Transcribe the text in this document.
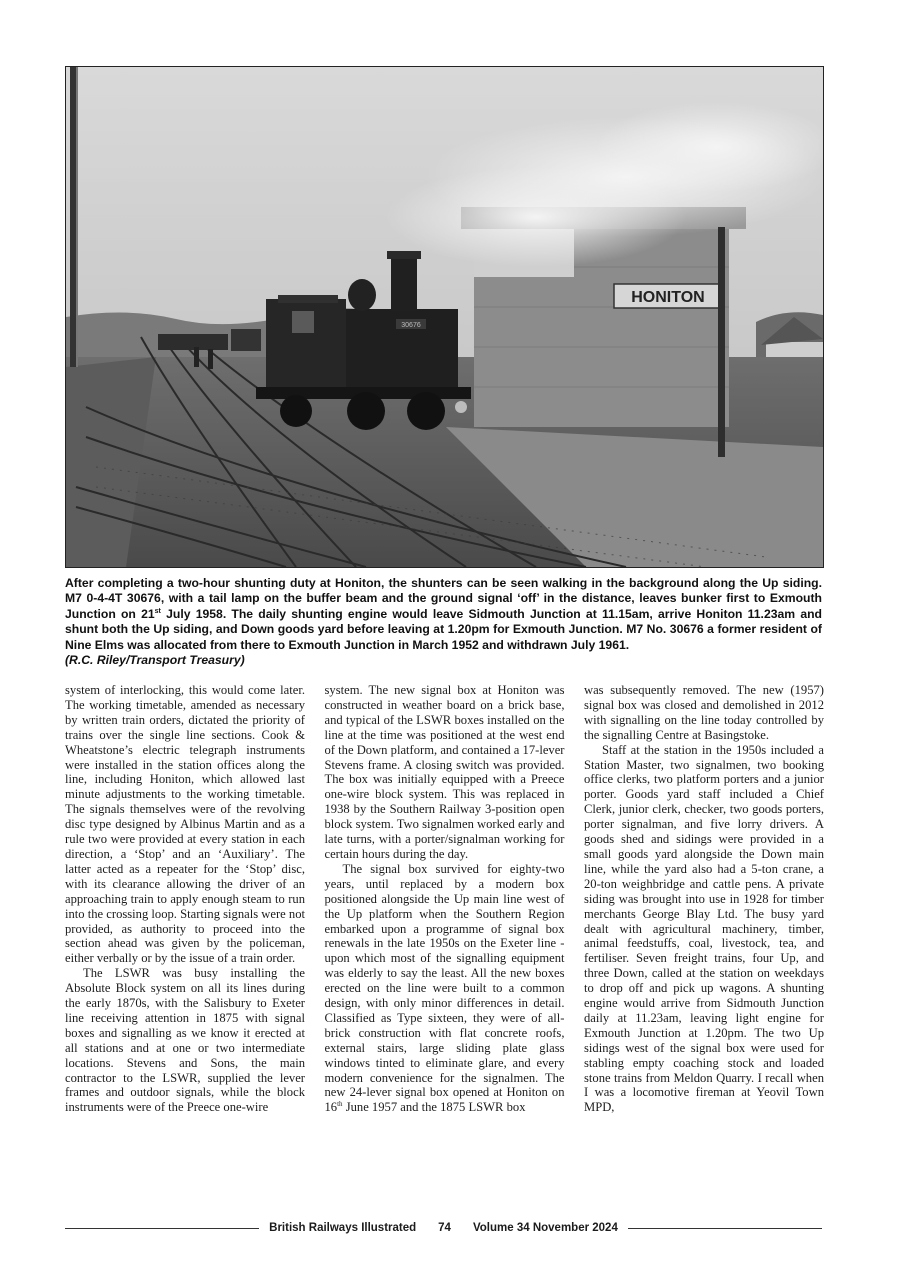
HONITON
30676
After completing a two-hour shunting duty at Honiton, the shunters can be seen walking in the background along the Up siding. M7 0-4-4T 30676, with a tail lamp on the buffer beam and the ground signal ‘off’ in the distance, leaves bunker first to Exmouth Junction on 21st July 1958. The daily shunting engine would leave Sidmouth Junction at 11.15am, arrive Honiton 11.23am and shunt both the Up siding, and Down goods yard before leaving at 1.20pm for Exmouth Junction. M7 No. 30676 a former resident of Nine Elms was allocated from there to Exmouth Junction in March 1952 and withdrawn July 1961.
(R.C. Riley/Transport Treasury)

system of interlocking, this would come later. The working timetable, amended as necessary by written train orders, dictated the priority of trains over the single line sections. Cook & Wheatstone’s electric telegraph instruments were installed in the station offices along the line, including Honiton, which allowed last minute adjustments to the working timetable. The signals themselves were of the revolving disc type designed by Albinus Martin and as a rule two were provided at every station in each direction, a ‘Stop’ and an ‘Auxiliary’. The latter acted as a repeater for the ‘Stop’ disc, with its clearance allowing the driver of an approaching train to apply enough steam to run into the crossing loop. Starting signals were not provided, as authority to proceed into the section ahead was given by the policeman, either verbally or by the issue of a train order.

The LSWR was busy installing the Absolute Block system on all its lines during the early 1870s, with the Salisbury to Exeter line receiving attention in 1875 with signal boxes and signalling as we know it erected at all stations and at one or two intermediate locations. Stevens and Sons, the main contractor to the LSWR, supplied the lever frames and outdoor signals, while the block instruments were of the Preece one-wire

system. The new signal box at Honiton was constructed in weather board on a brick base, and typical of the LSWR boxes installed on the line at the time was positioned at the west end of the Down platform, and contained a 17-lever Stevens frame. A closing switch was provided. The box was initially equipped with a Preece one-wire block system. This was replaced in 1938 by the Southern Railway 3-position open block system. Two signalmen worked early and late turns, with a porter/signalman working for certain hours during the day.

The signal box survived for eighty-two years, until replaced by a modern box positioned alongside the Up main line west of the Up platform when the Southern Region embarked upon a programme of signal box renewals in the late 1950s on the Exeter line - upon which most of the signalling equipment was elderly to say the least. All the new boxes erected on the line were built to a common design, with only minor differences in detail. Classified as Type sixteen, they were of all-brick construction with flat concrete roofs, external stairs, large sliding plate glass windows tinted to eliminate glare, and every modern convenience for the signalmen. The new 24-lever signal box opened at Honiton on 16th June 1957 and the 1875 LSWR box

was subsequently removed. The new (1957) signal box was closed and demolished in 2012 with signalling on the line today controlled by the signalling Centre at Basingstoke.

Staff at the station in the 1950s included a Station Master, two signalmen, two booking office clerks, two platform porters and a junior porter. Goods yard staff included a Chief Clerk, junior clerk, checker, two goods porters, porter signalman, and five lorry drivers. A goods shed and sidings were provided in a small goods yard alongside the Down main line, while the yard also had a 5-ton crane, a 20-ton weighbridge and cattle pens. A private siding was brought into use in 1928 for timber merchants George Blay Ltd. The busy yard dealt with agricultural machinery, timber, animal feedstuffs, coal, livestock, tea, and fertiliser. Seven freight trains, four Up, and three Down, called at the station on weekdays to drop off and pick up wagons. A shunting engine would arrive from Sidmouth Junction daily at 11.23am, leaving light engine for Exmouth Junction at 1.20pm. The two Up sidings west of the signal box were used for stabling empty coaching stock and loaded stone trains from Meldon Quarry. I recall when I was a locomotive fireman at Yeovil Town MPD,

British Railways Illustrated	74	Volume 34 November 2024
